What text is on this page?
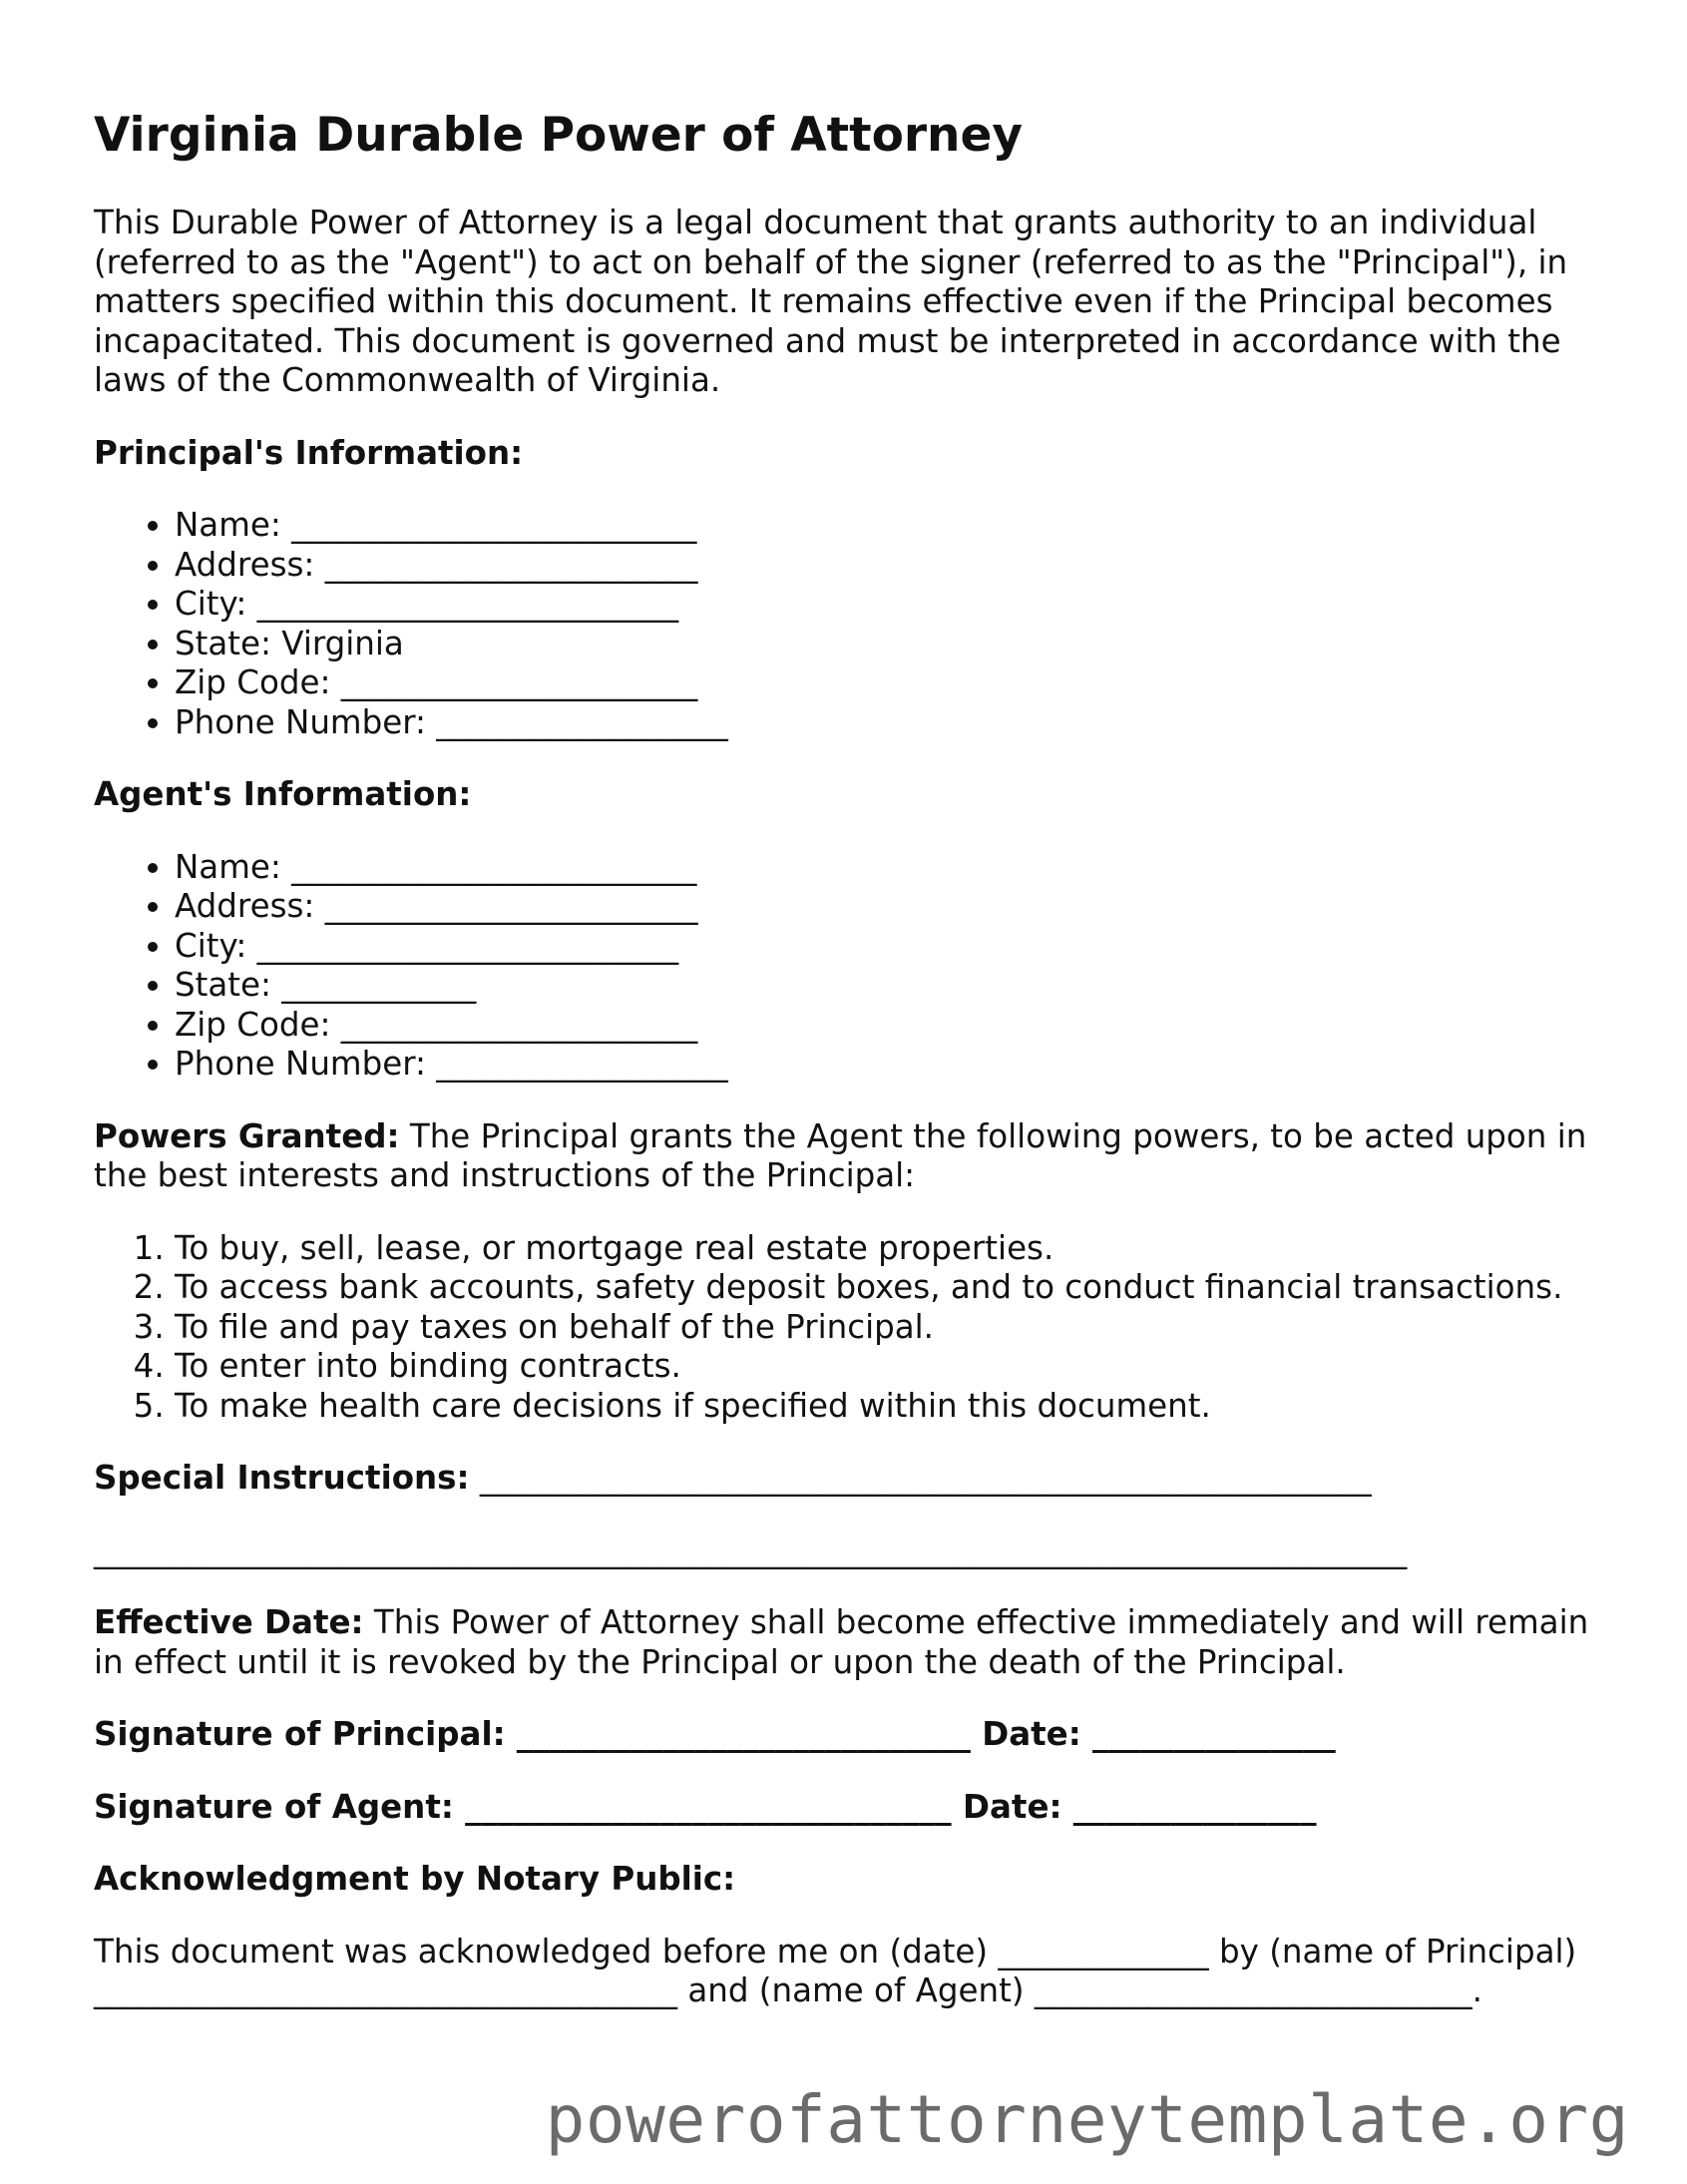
Virginia Durable Power of Attorney

This Durable Power of Attorney is a legal document that grants authority to an individual (referred to as the "Agent") to act on behalf of the signer (referred to as the "Principal"), in matters specified within this document. It remains effective even if the Principal becomes incapacitated. This document is governed and must be interpreted in accordance with the laws of the Commonwealth of Virginia.

Principal's Information:

• Name: _________________________
• Address: _______________________
• City: __________________________
• State: Virginia
• Zip Code: ______________________
• Phone Number: __________________

Agent's Information:

• Name: _________________________
• Address: _______________________
• City: __________________________
• State: ____________
• Zip Code: ______________________
• Phone Number: __________________

Powers Granted: The Principal grants the Agent the following powers, to be acted upon in the best interests and instructions of the Principal:

1. To buy, sell, lease, or mortgage real estate properties.
2. To access bank accounts, safety deposit boxes, and to conduct financial transactions.
3. To file and pay taxes on behalf of the Principal.
4. To enter into binding contracts.
5. To make health care decisions if specified within this document.

Special Instructions: _______________________________________________________

_________________________________________________________________________________

Effective Date: This Power of Attorney shall become effective immediately and will remain in effect until it is revoked by the Principal or upon the death of the Principal.

Signature of Principal: ____________________________ Date: _______________

Signature of Agent: ______________________________ Date: _______________

Acknowledgment by Notary Public:

This document was acknowledged before me on (date) _____________ by (name of Principal) ____________________________________ and (name of Agent) ___________________________.

powerofattorneytemplate.org
